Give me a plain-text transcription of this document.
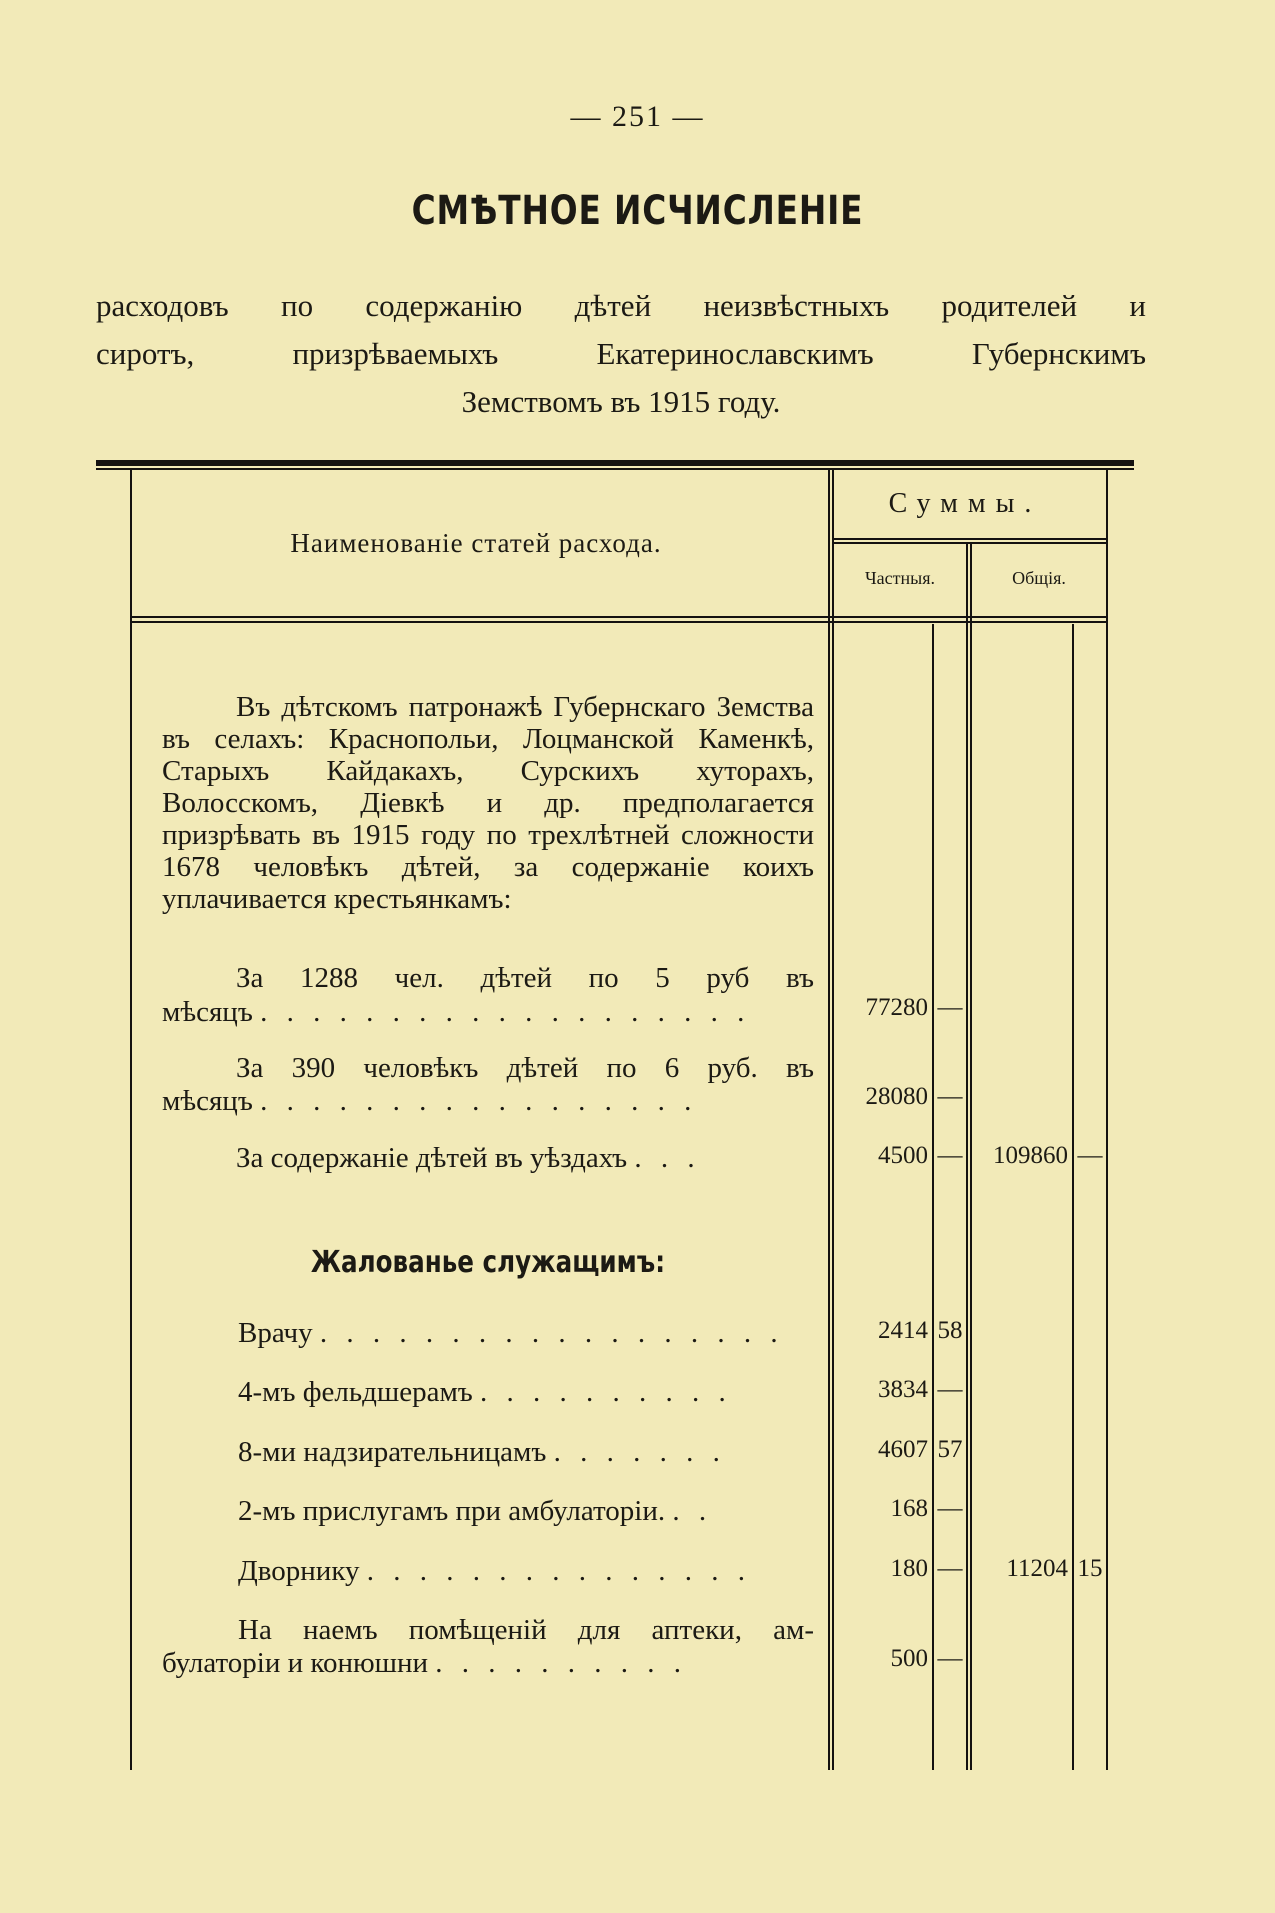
— 251 —
СМѢТНОЕ ИСЧИСЛЕНІЕ
расходовъ по содержанію дѣтей неизвѣстныхъ родителей и
сиротъ, призрѣваемыхъ Екатеринославскимъ Губернскимъ
Земствомъ въ 1915 году.
Наименованіе статей расхода.
Суммы.
Частныя.	Общія.
Въ дѣтскомъ патронажѣ Губернскаго Земства въ селахъ: Краснопольи, Лоцманской Каменкѣ, Старыхъ Кайдакахъ, Сурскихъ хуторахъ, Волосскомъ, Діевкѣ и др. предполагается призрѣвать въ 1915 году по трехлѣтней сложности 1678 человѣкъ дѣтей, за содержаніе коихъ уплачивается крестьянкамъ:
За 1288 чел. дѣтей по 5 руб въ
мѣсяцъ . . . . . . . . . . . . . . . . . . .	77280 —
За 390 человѣкъ дѣтей по 6 руб. въ
мѣсяцъ . . . . . . . . . . . . . . . . .	28080 —
За содержаніе дѣтей въ уѣздахъ . . .	4500 —	109860 —
Жалованье служащимъ:
Врачу . . . . . . . . . . . . . . . . . .	2414 58
4-мъ фельдшерамъ . . . . . . . . . .	3834 —
8-ми надзирательницамъ . . . . . . .	4607 57
2-мъ прислугамъ при амбулаторіи. . .	168 —
Дворнику . . . . . . . . . . . . . . .	180 —	11204 15
На наемъ помѣщеній для аптеки, ам-
булаторіи и конюшни . . . . . . . . . .	500 —
